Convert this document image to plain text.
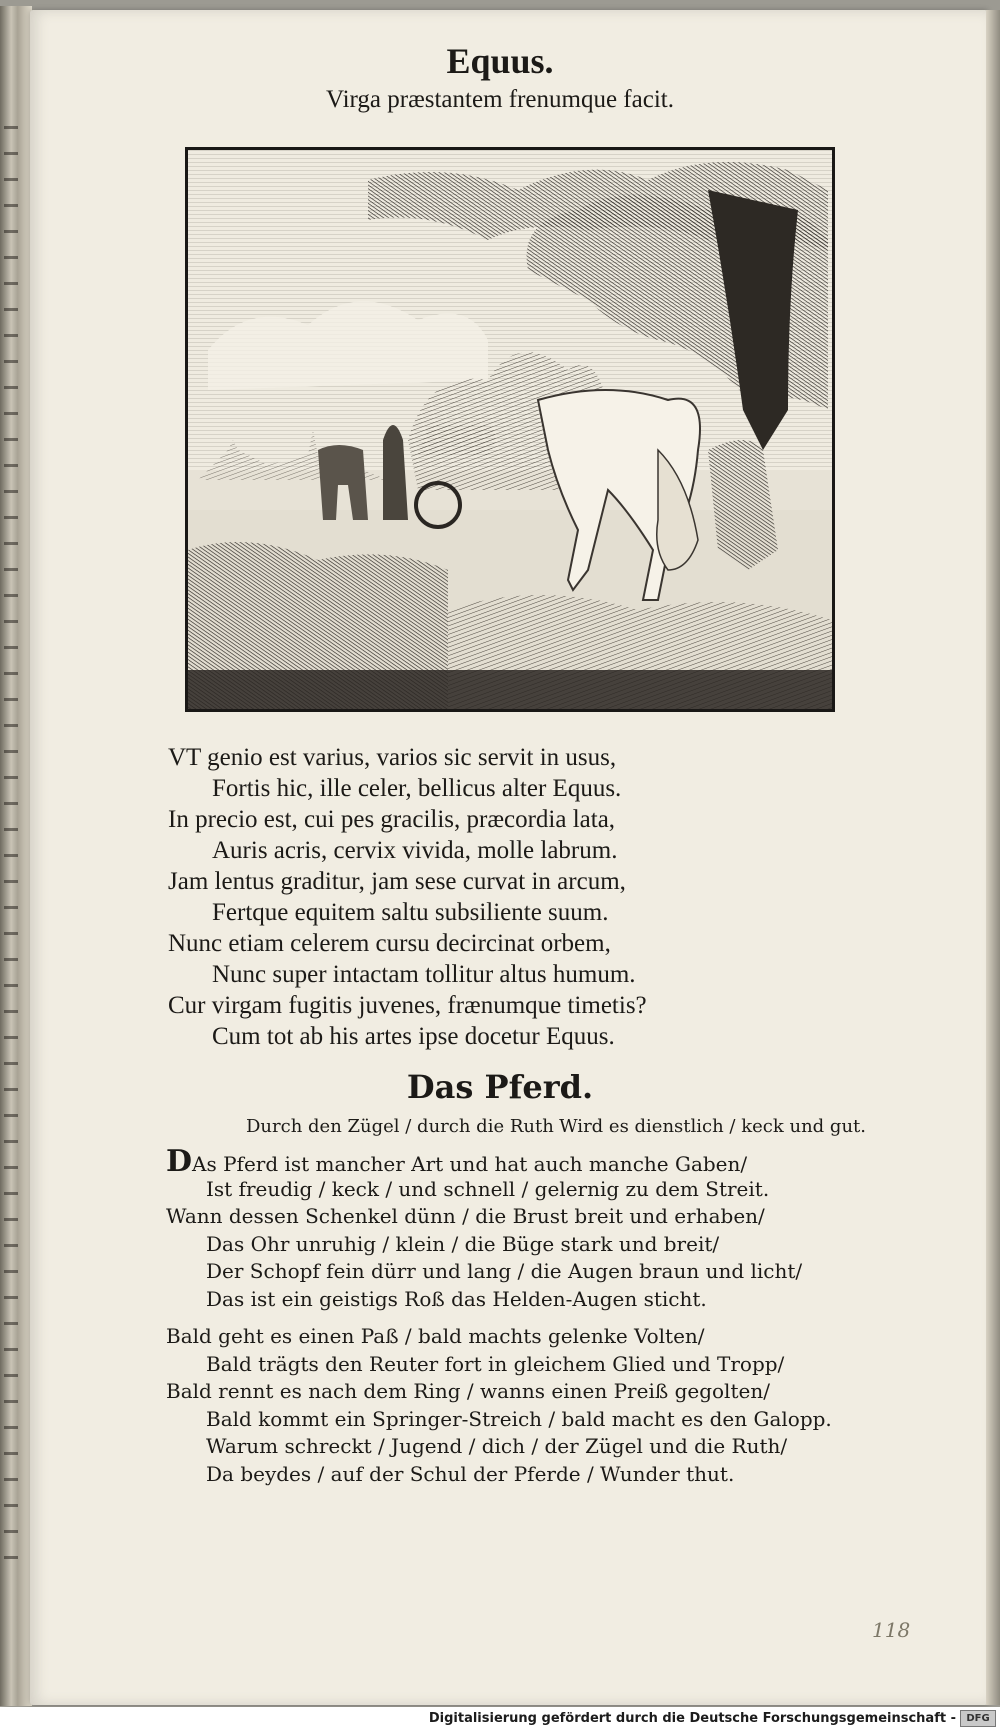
Equus.
Virga præstantem frenumque facit.
VT genio est varius, varios sic servit in usus,
Fortis hic, ille celer, bellicus alter Equus.
In precio est, cui pes gracilis, præcordia lata,
Auris acris, cervix vivida, molle labrum.
Jam lentus graditur, jam sese curvat in arcum,
Fertque equitem saltu subsiliente suum.
Nunc etiam celerem cursu decircinat orbem,
Nunc super intactam tollitur altus humum.
Cur virgam fugitis juvenes, frænumque timetis?
Cum tot ab his artes ipse docetur Equus.
Das Pferd.
Durch den Zügel / durch die Ruth Wird es dienstlich / keck und gut.
DAs Pferd ist mancher Art und hat auch manche Gaben/
Ist freudig / keck / und schnell / gelernig zu dem Streit.
Wann dessen Schenkel dünn / die Brust breit und erhaben/
Das Ohr unruhig / klein / die Büge stark und breit/
Der Schopf fein dürr und lang / die Augen braun und licht/
Das ist ein geistigs Roß das Helden-Augen sticht.
Bald geht es einen Paß / bald machts gelenke Volten/
Bald trägts den Reuter fort in gleichem Glied und Tropp/
Bald rennt es nach dem Ring / wanns einen Preiß gegolten/
Bald kommt ein Springer-Streich / bald macht es den Galopp.
Warum schreckt / Jugend / dich / der Zügel und die Ruth/
Da beydes / auf der Schul der Pferde / Wunder thut.
118
Digitalisierung gefördert durch die Deutsche Forschungsgemeinschaft -	DFG
